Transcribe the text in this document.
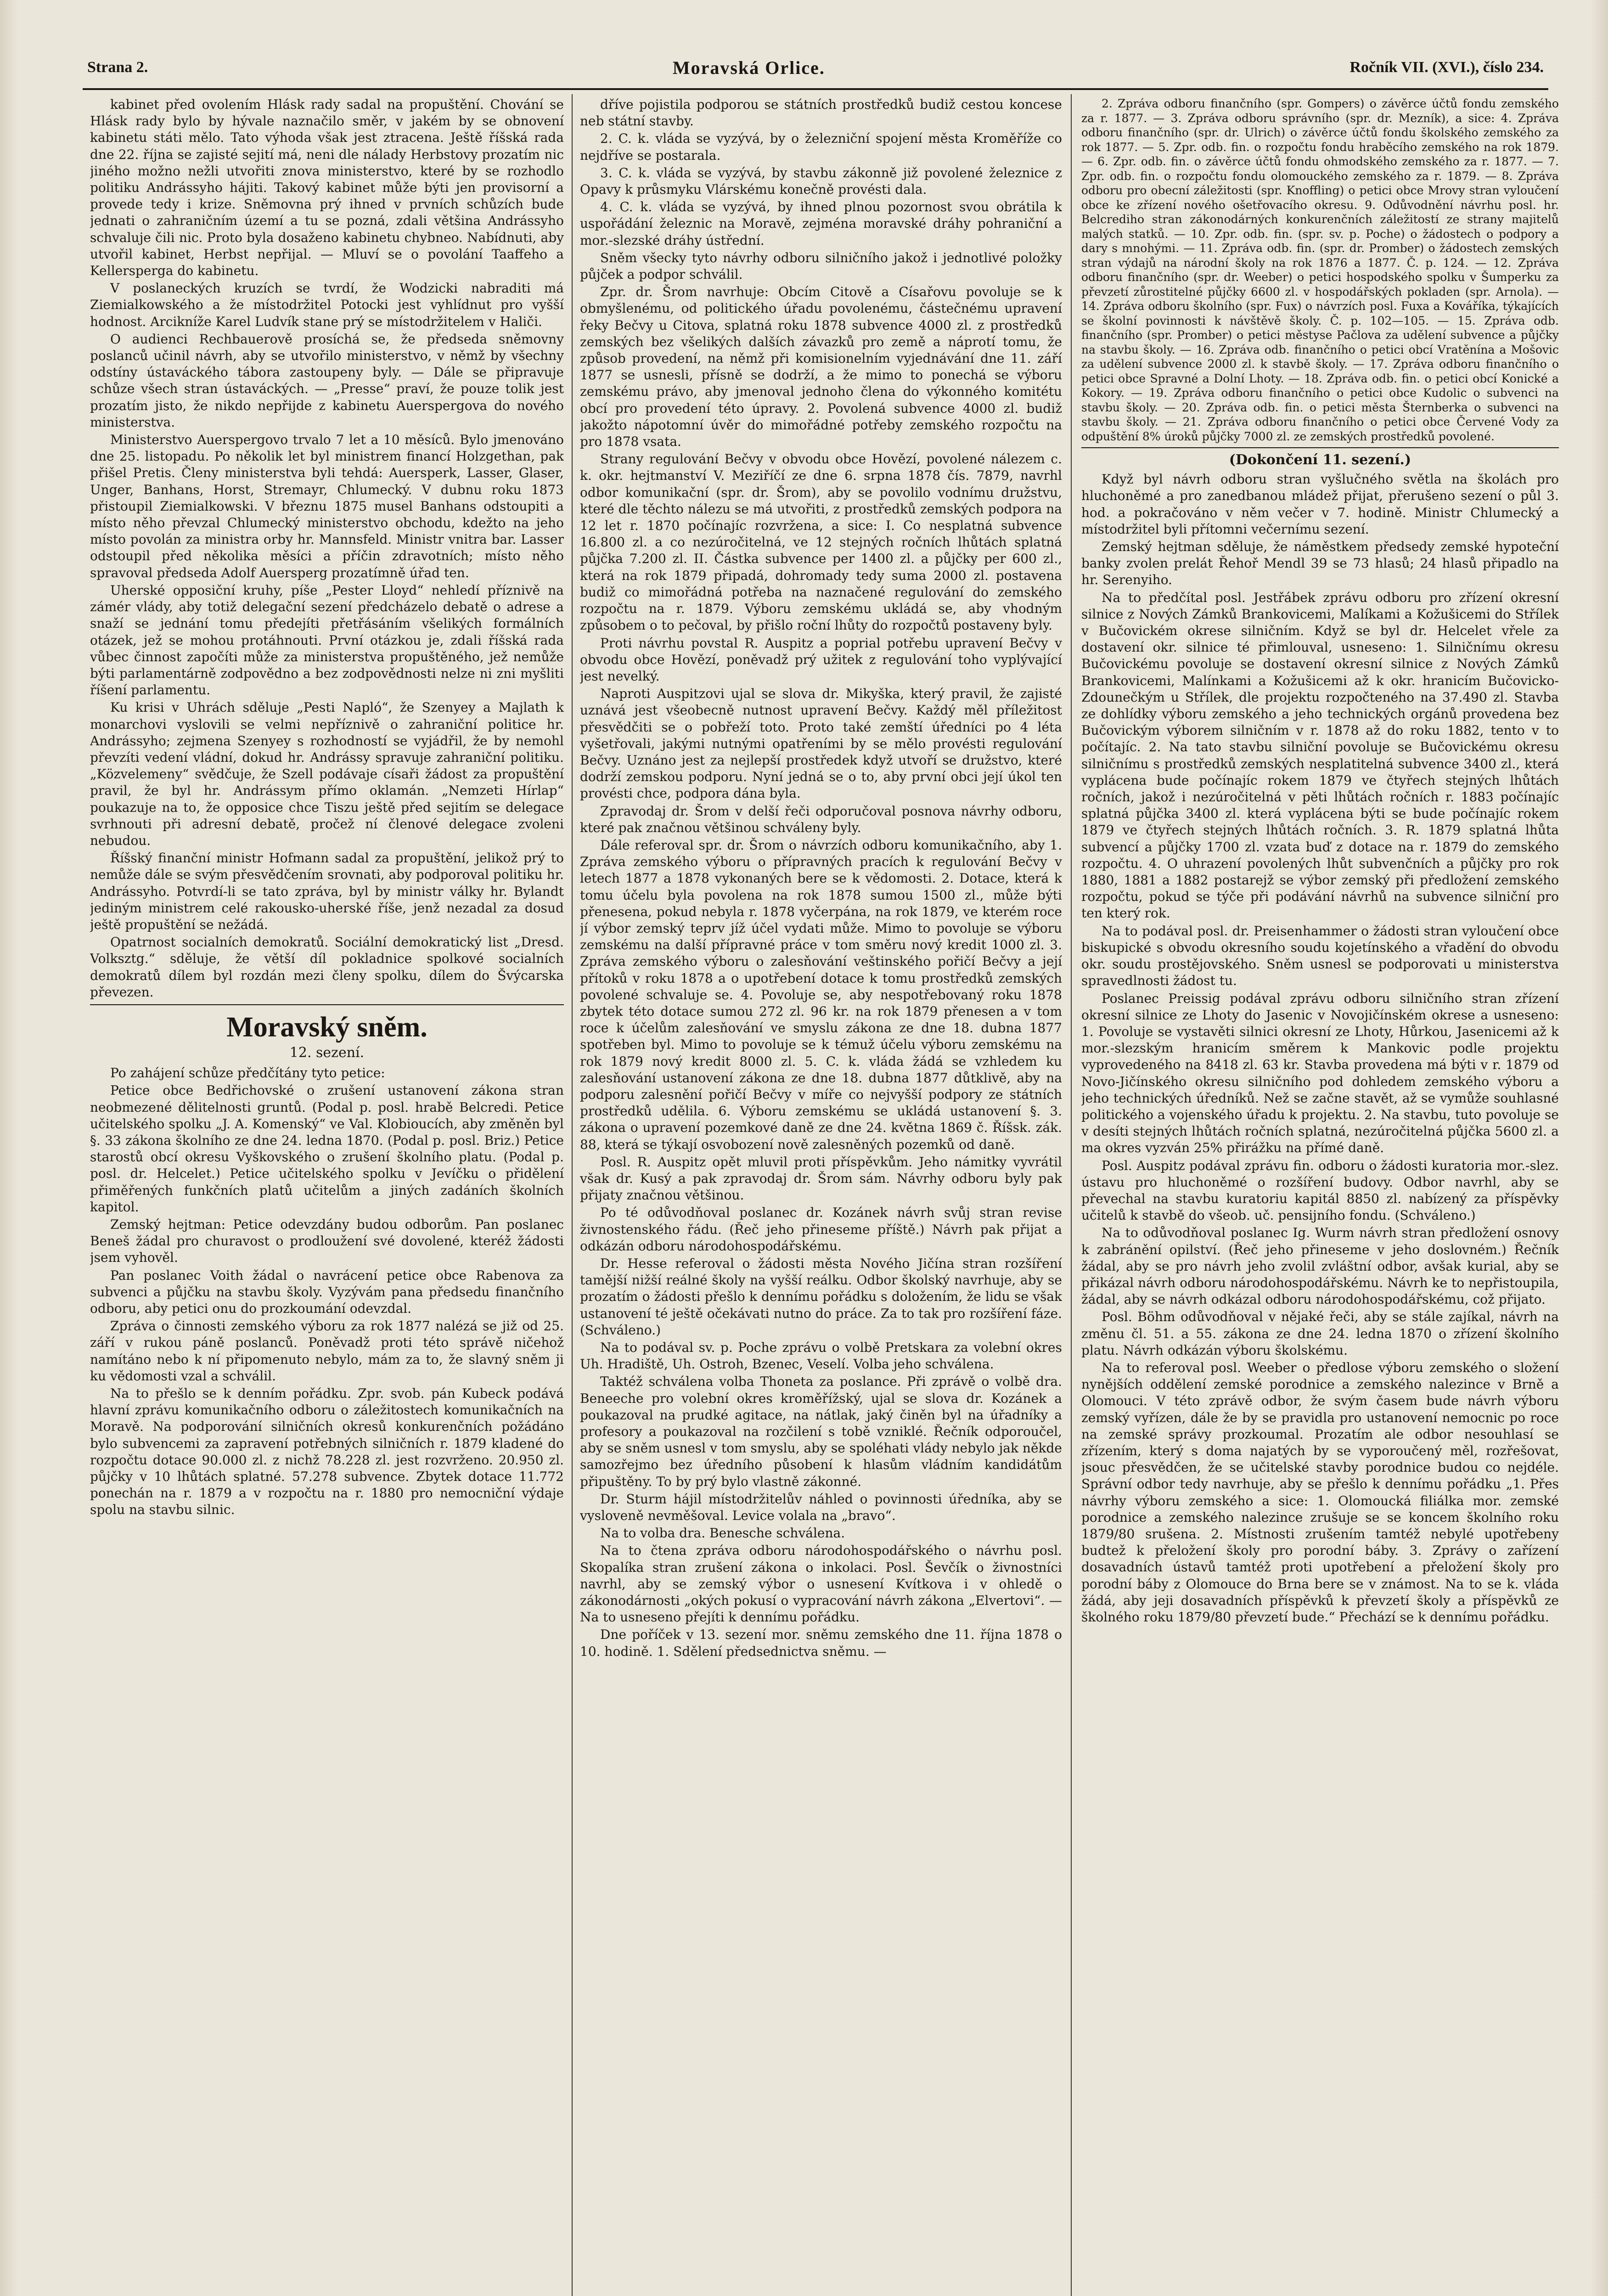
Strana 2.	Moravská Orlice.	Ročník VII. (XVI.), číslo 234.

kabinet před ovolením Hlásk rady sadal na propuštění. Chování se Hlásk rady bylo by hývale naznačilo směr, v jakém by se obnovení kabinetu státi mělo. Tato výhoda však jest ztracena. Ještě říšská rada dne 22. října se zajisté sejití má, neni dle nálady Herbstovy prozatím nic jiného možno nežli utvořiti znova ministerstvo, které by se rozhodlo politiku Andrássyho hájiti. Takový kabinet může býti jen provisorní a provede tedy i krize. Sněmovna prý ihned v prvních schůzích bude jednati o zahraničním území a tu se pozná, zdali většina Andrássyho schvaluje čili nic. Proto byla dosaženo kabinetu chybneo. Nabídnuti, aby utvořil kabinet, Herbst nepřijal. — Mluví se o povolání Taaffeho a Kellersperga do kabinetu.

V poslaneckých kruzích se tvrdí, že Wodzicki nabraditi má Ziemialkowského a že místodržitel Potocki jest vyhlídnut pro vyšší hodnost. Arcikníže Karel Ludvík stane prý se místodržitelem v Haliči.

O audienci Rechbauerově prosíchá se, že předseda sněmovny poslanců učinil návrh, aby se utvořilo ministerstvo, v němž by všechny odstíny ústaváckého tábora zastoupeny byly. — Dále se připravuje schůze všech stran ústaváckých. — „Presse“ praví, že pouze tolik jest prozatím jisto, že nikdo nepřijde z kabinetu Auerspergova do nového ministerstva.

Ministerstvo Auerspergovo trvalo 7 let a 10 měsíců. Bylo jmenováno dne 25. listopadu. Po několik let byl ministrem financí Holzgethan, pak přišel Pretis. Členy ministerstva byli tehdá: Auersperk, Lasser, Glaser, Unger, Banhans, Horst, Stremayr, Chlumecký. V dubnu roku 1873 přistoupil Ziemialkowski. V březnu 1875 musel Banhans odstoupiti a místo něho převzal Chlumecký ministerstvo obchodu, kdežto na jeho místo povolán za ministra orby hr. Mannsfeld. Ministr vnitra bar. Lasser odstoupil před několika měsíci a příčin zdravotních; místo něho spravoval předseda Adolf Auersperg prozatímně úřad ten.

Uherské opposiční kruhy, píše „Pester Lloyd“ nehledí příznivě na zámér vlády, aby totiž delegační sezení předcházelo debatě o adrese a snaží se jednání tomu předejíti přetřásáním všelikých formálních otázek, jež se mohou protáhnouti. První otázkou je, zdali říšská rada vůbec činnost započíti může za ministerstva propuštěného, jež nemůže býti parlamentárně zodpovědno a bez zodpovědnosti nelze ni zni myšliti říšení parlamentu.

Ku krisi v Uhrách sděluje „Pesti Napló“, že Szenyey a Majlath k monarchovi vyslovili se velmi nepříznivě o zahraniční politice hr. Andrássyho; zejmena Szenyey s rozhodností se vyjádřil, že by nemohl převzíti vedení vládní, dokud hr. Andrássy spravuje zahraniční politiku. „Közvelemeny“ svědčuje, že Szell podávaje císaři žádost za propuštění pravil, že byl hr. Andrássym přímo oklamán. „Nemzeti Hírlap“ poukazuje na to, že opposice chce Tiszu ještě před sejitím se delegace svrhnouti při adresní debatě, pročež ní členové delegace zvoleni nebudou.

Říšský finanční ministr Hofmann sadal za propuštění, jelikož prý to nemůže dále se svým přesvědčením srovnati, aby podporoval politiku hr. Andrássyho. Potvrdí-li se tato zpráva, byl by ministr války hr. Bylandt jediným ministrem celé rakousko-uherské říše, jenž nezadal za dosud ještě propuštění se nežádá.

Opatrnost socialních demokratů. Sociální demokratický list „Dresd. Volksztg.“ sděluje, že větší díl pokladnice spolkové socialních demokratů dílem byl rozdán mezi členy spolku, dílem do Švýcarska převezen.

Moravský sněm.
12. sezení.

Po zahájení schůze předčítány tyto petice:

Petice obce Bedřichovské o zrušení ustanovení zákona stran neobmezené dělitelnosti gruntů. (Podal p. posl. hrabě Belcredi. Petice učitelského spolku „J. A. Komenský“ ve Val. Klobioucích, aby změněn byl §. 33 zákona školního ze dne 24. ledna 1870. (Podal p. posl. Briz.) Petice starostů obcí okresu Vyškovského o zrušení školního platu. (Podal p. posl. dr. Helcelet.) Petice učitelského spolku v Jevíčku o přidělení přiměřených funkčních platů učitelům a jiných zadáních školních kapitol.

Zemský hejtman: Petice odevzdány budou odborům. Pan poslanec Beneš žádal pro churavost o prodloužení své dovolené, kteréž žádosti jsem vyhověl.

Pan poslanec Voith žádal o navrácení petice obce Rabenova za subvenci a půjčku na stavbu školy. Vyzývám pana předsedu finančního odboru, aby petici onu do prozkoumání odevzdal.

Zpráva o činnosti zemského výboru za rok 1877 nalézá se již od 25. září v rukou páně poslanců. Poněvadž proti této správě ničehož namítáno nebo k ní připomenuto nebylo, mám za to, že slavný sněm ji ku vědomosti vzal a schválil.

Na to přešlo se k denním pořádku. Zpr. svob. pán Kubeck podává hlavní zprávu komunikačního odboru o záležitostech komunikačních na Moravě. Na podporování silničních okresů konkurenčních požádáno bylo subvencemi za zapravení potřebných silničních r. 1879 kladené do rozpočtu dotace 90.000 zl. z nichž 78.228 zl. jest rozvrženo. 20.950 zl. půjčky v 10 lhůtách splatné. 57.278 subvence. Zbytek dotace 11.772 ponechán na r. 1879 a v rozpočtu na r. 1880 pro nemocniční výdaje spolu na stavbu silnic.

dříve pojistila podporou se státních prostředků budiž cestou koncese neb státní stavby.

2. C. k. vláda se vyzývá, by o železniční spojení města Kroměříže co nejdříve se postarala.

3. C. k. vláda se vyzývá, by stavbu zákonně již povolené železnice z Opavy k průsmyku Vlárskému konečně provésti dala.

4. C. k. vláda se vyzývá, by ihned plnou pozornost svou obrátila k uspořádání železnic na Moravě, zejména moravské dráhy pohraniční a mor.-slezské dráhy ústřední.

Sněm všecky tyto návrhy odboru silničního jakož i jednotlivé položky půjček a podpor schválil.

Zpr. dr. Šrom navrhuje: Obcím Citově a Císařovu povoluje se k obmyšlenému, od politického úřadu povolenému, částečnému upravení řeky Bečvy u Citova, splatná roku 1878 subvence 4000 zl. z prostředků zemských bez všelikých dalších závazků pro země a náprotí tomu, že způsob provedení, na němž při komisionelním vyjednávání dne 11. září 1877 se usnesli, přísně se dodrží, a že mimo to ponechá se výboru zemskému právo, aby jmenoval jednoho člena do výkonného komitétu obcí pro provedení této úpravy. 2. Povolená subvence 4000 zl. budiž jakožto nápotomní úvěr do mimořádné potřeby zemského rozpočtu na pro 1878 vsata.

Strany regulování Bečvy v obvodu obce Hovězí, povolené nálezem c. k. okr. hejtmanství V. Meziříčí ze dne 6. srpna 1878 čís. 7879, navrhl odbor komunikační (spr. dr. Šrom), aby se povolilo vodnímu družstvu, které dle těchto nálezu se má utvořiti, z prostředků zemských podpora na 12 let r. 1870 počínajíc rozvržena, a sice: I. Co nesplatná subvence 16.800 zl. a co nezúročitelná, ve 12 stejných ročních lhůtách splatná půjčka 7.200 zl. II. Částka subvence per 1400 zl. a půjčky per 600 zl., která na rok 1879 připadá, dohromady tedy suma 2000 zl. postavena budiž co mimořádná potřeba na naznačené regulování do zemského rozpočtu na r. 1879. Výboru zemskému ukládá se, aby vhodným způsobem o to pečoval, by přišlo roční lhůty do rozpočtů postaveny byly.

Proti návrhu povstal R. Auspitz a poprial potřebu upravení Bečvy v obvodu obce Hovězí, poněvadž prý užitek z regulování toho vyplývající jest nevelký.

Naproti Auspitzovi ujal se slova dr. Mikyška, který pravil, že zajisté uznává jest všeobecně nutnost upravení Bečvy. Každý měl příležitost přesvědčiti se o pobřeží toto. Proto také zemští úředníci po 4 léta vyšetřovali, jakými nutnými opatřeními by se mělo provésti regulování Bečvy. Uznáno jest za nejlepší prostředek když utvoří se družstvo, které dodrží zemskou podporu. Nyní jedná se o to, aby první obci její úkol ten provésti chce, podpora dána byla.

Zpravodaj dr. Šrom v delší řeči odporučoval posnova návrhy odboru, které pak značnou většinou schváleny byly.

Dále referoval spr. dr. Šrom o návrzích odboru komunikačního, aby 1. Zpráva zemského výboru o přípravných pracích k regulování Bečvy v letech 1877 a 1878 vykonaných bere se k vědomosti. 2. Dotace, která k tomu účelu byla povolena na rok 1878 sumou 1500 zl., může býti přenesena, pokud nebyla r. 1878 vyčerpána, na rok 1879, ve kterém roce jí výbor zemský teprv jíž účel vydati může. Mimo to povoluje se výboru zemskému na další přípravné práce v tom směru nový kredit 1000 zl. 3. Zpráva zemského výboru o zalesňování veštinského pořičí Bečvy a její přítoků v roku 1878 a o upotřebení dotace k tomu prostředků zemských povolené schvaluje se. 4. Povoluje se, aby nespotřebovaný roku 1878 zbytek této dotace sumou 272 zl. 96 kr. na rok 1879 přenesen a v tom roce k účelům zalesňování ve smyslu zákona ze dne 18. dubna 1877 spotřeben byl. Mimo to povoluje se k témuž účelu výboru zemskému na rok 1879 nový kredit 8000 zl. 5. C. k. vláda žádá se vzhledem ku zalesňování ustanovení zákona ze dne 18. dubna 1877 důtklivě, aby na podporu zalesnění pořičí Bečvy v míře co nejvyšší podpory ze státních prostředků udělila. 6. Výboru zemskému se ukládá ustanovení §. 3. zákona o upravení pozemkové daně ze dne 24. května 1869 č. Říšsk. zák. 88, která se týkají osvobození nově zalesněných pozemků od daně.

Posl. R. Auspitz opět mluvil proti příspěvkům. Jeho námitky vyvrátil však dr. Kusý a pak zpravodaj dr. Šrom sám. Návrhy odboru byly pak přijaty značnou většinou.

Po té odůvodňoval poslanec dr. Kozánek návrh svůj stran revise živnostenského řádu. (Řeč jeho přineseme příště.) Návrh pak přijat a odkázán odboru národohospodářskému.

Dr. Hesse referoval o žádosti města Nového Jičína stran rozšíření tamější nižší reálné školy na vyšší reálku. Odbor školský navrhuje, aby se prozatím o žádosti přešlo k dennímu pořádku s doložením, že lidu se však ustanovení té ještě očekávati nutno do práce. Za to tak pro rozšíření fáze. (Schváleno.)

Na to podával sv. p. Poche zprávu o volbě Pretskara za volební okres Uh. Hradiště, Uh. Ostroh, Bzenec, Veselí. Volba jeho schválena.

Taktéž schválena volba Thoneta za poslance. Při zprávě o volbě dra. Beneeche pro volební okres kroměřížský, ujal se slova dr. Kozánek a poukazoval na prudké agitace, na nátlak, jaký činěn byl na úřadníky a profesory a poukazoval na rozčilení s tobě vzniklé. Řečník odporoučel, aby se sněm usnesl v tom smyslu, aby se spoléhati vlády nebylo jak někde samozřejmo bez úředního působení k hlasům vládním kandidátům připuštěny. To by prý bylo vlastně zákonné.

Dr. Sturm hájil místodržitelův náhled o povinnosti úředníka, aby se vysloveně nevměšoval. Levice volala na „bravo“.

Na to volba dra. Benesche schválena.

Na to čtena zpráva odboru národohospodářského o návrhu posl. Skopalíka stran zrušení zákona o inkolaci. Posl. Ševčík o živnostníci navrhl, aby se zemský výbor o usnesení Kvítkova i v ohledě o zákonodárnosti „okých pokusí o vypracování návrh zákona „Elvertovi“. — Na to usneseno přejíti k dennímu pořádku.

Dne poříček v 13. sezení mor. sněmu zemského dne 11. října 1878 o 10. hodině. 1. Sdělení předsednictva sněmu. —

2. Zpráva odboru finančního (spr. Gompers) o závěrce účtů fondu zemského za r. 1877. — 3. Zpráva odboru správního (spr. dr. Mezník), a sice: 4. Zpráva odboru finančního (spr. dr. Ulrich) o závěrce účtů fondu školského zemského za rok 1877. — 5. Zpr. odb. fin. o rozpočtu fondu hraběcího zemského na rok 1879. — 6. Zpr. odb. fin. o závěrce účtů fondu ohmodského zemského za r. 1877. — 7. Zpr. odb. fin. o rozpočtu fondu olomouckého zemského za r. 1879. — 8. Zpráva odboru pro obecní záležitosti (spr. Knoffling) o petici obce Mrovy stran vyloučení obce ke zřízení nového ošetřovacího okresu. 9. Odůvodnění návrhu posl. hr. Belcrediho stran zákonodárných konkurenčních záležitostí ze strany majitelů malých statků. — 10. Zpr. odb. fin. (spr. sv. p. Poche) o žádostech o podpory a dary s mnohými. — 11. Zpráva odb. fin. (spr. dr. Promber) o žádostech zemských stran výdajů na národní školy na rok 1876 a 1877. Č. p. 124. — 12. Zpráva odboru finančního (spr. dr. Weeber) o petici hospodského spolku v Šumperku za převzetí zůrostitelné půjčky 6600 zl. v hospodářských pokladen (spr. Arnola). — 14. Zpráva odboru školního (spr. Fux) o návrzích posl. Fuxa a Kováříka, týkajících se školní povinnosti k návštěvě školy. Č. p. 102—105. — 15. Zpráva odb. finančního (spr. Promber) o petici městyse Pačlova za udělení subvence a půjčky na stavbu školy. — 16. Zpráva odb. finančního o petici obcí Vratěnína a Mošovic za udělení subvence 2000 zl. k stavbě školy. — 17. Zpráva odboru finančního o petici obce Spravné a Dolní Lhoty. — 18. Zpráva odb. fin. o petici obcí Konické a Kokory. — 19. Zpráva odboru finančního o petici obce Kudolic o subvenci na stavbu školy. — 20. Zpráva odb. fin. o petici města Šternberka o subvenci na stavbu školy. — 21. Zpráva odboru finančního o petici obce Červené Vody za odpuštění 8% úroků půjčky 7000 zl. ze zemských prostředků povolené.

(Dokončení 11. sezení.)

Když byl návrh odboru stran vyšlučného světla na školách pro hluchoněmé a pro zanedbanou mládež přijat, přerušeno sezení o půl 3. hod. a pokračováno v něm večer v 7. hodině. Ministr Chlumecký a místodržitel byli přítomni večernímu sezení.

Zemský hejtman sděluje, že náměstkem předsedy zemské hypoteční banky zvolen prelát Řehoř Mendl 39 se 73 hlasů; 24 hlasů připadlo na hr. Serenyiho.

Na to předčítal posl. Jestřábek zprávu odboru pro zřízení okresní silnice z Nových Zámků Brankovicemi, Malíkami a Kožušicemi do Střílek v Bučovickém okrese silničním. Když se byl dr. Helcelet vřele za dostavení okr. silnice té přimlouval, usneseno: 1. Silničnímu okresu Bučovickému povoluje se dostavení okresní silnice z Nových Zámků Brankovicemi, Malínkami a Kožušicemi až k okr. hranicím Bučovicko-Zdounečkým u Střílek, dle projektu rozpočteného na 37.490 zl. Stavba ze dohlídky výboru zemského a jeho technických orgánů provedena bez Bučovickým výborem silničním v r. 1878 až do roku 1882, tento v to počítajíc. 2. Na tato stavbu silniční povoluje se Bučovickému okresu silničnímu s prostředků zemských nesplatitelná subvence 3400 zl., která vyplácena bude počínajíc rokem 1879 ve čtyřech stejných lhůtách ročních, jakož i nezúročitelná v pěti lhůtách ročních r. 1883 počínajíc splatná půjčka 3400 zl. která vyplácena býti se bude počínajíc rokem 1879 ve čtyřech stejných lhůtách ročních. 3. R. 1879 splatná lhůta subvencí a půjčky 1700 zl. vzata buď z dotace na r. 1879 do zemského rozpočtu. 4. O uhrazení povolených lhůt subvenčních a půjčky pro rok 1880, 1881 a 1882 postarejž se výbor zemský při předložení zemského rozpočtu, pokud se týče při podávání návrhů na subvence silniční pro ten který rok.

Na to podával posl. dr. Preisenhammer o žádosti stran vyloučení obce biskupické s obvodu okresního soudu kojetínského a vřadění do obvodu okr. soudu prostějovského. Sněm usnesl se podporovati u ministerstva spravedlnosti žádost tu.

Poslanec Preissig podával zprávu odboru silničního stran zřízení okresní silnice ze Lhoty do Jasenic v Novojičínském okrese a usneseno: 1. Povoluje se vystavěti silnici okresní ze Lhoty, Hůrkou, Jasenicemi až k mor.-slezským hranicím směrem k Mankovic podle projektu vyprovedeného na 8418 zl. 63 kr. Stavba provedena má býti v r. 1879 od Novo-Jičínského okresu silničního pod dohledem zemského výboru a jeho technických úředníků. Než se začne stavět, až se vymůže souhlasné politického a vojenského úřadu k projektu. 2. Na stavbu, tuto povoluje se v desíti stejných lhůtách ročních splatná, nezúročitelná půjčka 5600 zl. a ma okres vyzván 25% přirážku na přímé daně.

Posl. Auspitz podával zprávu fin. odboru o žádosti kuratoria mor.-slez. ústavu pro hluchoněmé o rozšíření budovy. Odbor navrhl, aby se převechal na stavbu kuratoriu kapitál 8850 zl. nabízený za příspěvky učitelů k stavbě do všeob. uč. pensijního fondu. (Schváleno.)

Na to odůvodňoval poslanec Ig. Wurm návrh stran předložení osnovy k zabránění opilství. (Řeč jeho přineseme v jeho doslovném.) Řečník žádal, aby se pro návrh jeho zvolil zvláštní odbor, avšak kurial, aby se přikázal návrh odboru národohospodářskému. Návrh ke to nepřistoupila, žádal, aby se návrh odkázal odboru národohospodářskému, což přijato.

Posl. Böhm odůvodňoval v nějaké řeči, aby se stále zajíkal, návrh na změnu čl. 51. a 55. zákona ze dne 24. ledna 1870 o zřízení školního platu. Návrh odkázán výboru školskému.

Na to referoval posl. Weeber o předlose výboru zemského o složení nynějších oddělení zemské porodnice a zemského nalezince v Brně a Olomouci. V této zprávě odbor, že svým časem bude návrh výboru zemský vyřízen, dále že by se pravidla pro ustanovení nemocnic po roce na zemské správy prozkoumal. Prozatím ale odbor nesouhlasí se zřízením, který s doma najatých by se vyporoučený měl, rozřešovat, jsouc přesvědčen, že se učitelské stavby porodnice budou co nejdéle. Správní odbor tedy navrhuje, aby se přešlo k dennímu pořádku „1. Přes návrhy výboru zemského a sice: 1. Olomoucká filiálka mor. zemské porodnice a zemského nalezince zrušuje se se koncem školního roku 1879/80 srušena. 2. Místnosti zrušením tamtéž nebylé upotřebeny budtež k přeložení školy pro porodní báby. 3. Zprávy o zařízení dosavadních ústavů tamtéž proti upotřebení a přeložení školy pro porodní báby z Olomouce do Brna bere se v známost. Na to se k. vláda žádá, aby jeji dosavadních příspěvků k převzetí školy a příspěvků ze školného roku 1879/80 převzetí bude.“ Přechází se k dennímu pořádku.
